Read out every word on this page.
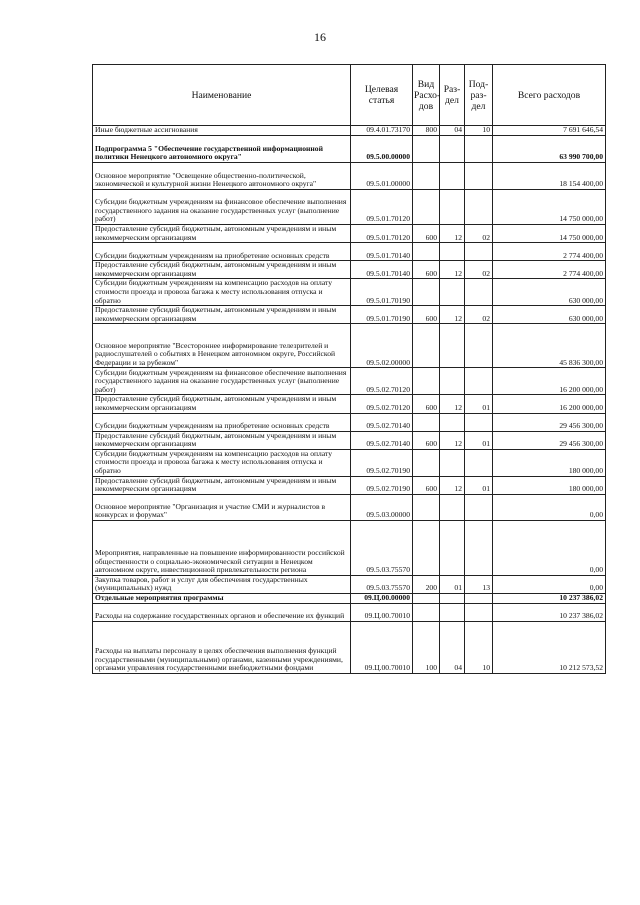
16
Наименование	Целевая статья	Вид Расхо- дов	Раз- дел	Под- раз- дел	Всего расходов
Иные бюджетные ассигнования	09.4.01.73170	800	04	10	7 691 646,54
Подпрограмма 5 "Обеспечение государственной информационной политики Ненецкого автономного округа"	09.5.00.00000				63 990 700,00
Основное мероприятие "Освещение общественно-политической, экономической и культурной жизни Ненецкого автономного округа"	09.5.01.00000				18 154 400,00
Субсидии бюджетным учреждениям на финансовое обеспечение выполнения государственного задания на оказание государственных услуг (выполнение работ)	09.5.01.70120				14 750 000,00
Предоставление субсидий бюджетным, автономным учреждениям и иным некоммерческим организациям	09.5.01.70120	600	12	02	14 750 000,00
Субсидии бюджетным учреждениям на приобретение основных средств	09.5.01.70140				2 774 400,00
Предоставление субсидий бюджетным, автономным учреждениям и иным некоммерческим организациям	09.5.01.70140	600	12	02	2 774 400,00
Субсидии бюджетным учреждениям на компенсацию расходов на оплату стоимости проезда и провоза багажа к месту использования отпуска и обратно	09.5.01.70190				630 000,00
Предоставление субсидий бюджетным, автономным учреждениям и иным некоммерческим организациям	09.5.01.70190	600	12	02	630 000,00
Основное мероприятие "Всестороннее информирование телезрителей и радиослушателей о событиях в Ненецком автономном округе, Российской Федерации и за рубежом"	09.5.02.00000				45 836 300,00
Субсидии бюджетным учреждениям на финансовое обеспечение выполнения государственного задания на оказание государственных услуг (выполнение работ)	09.5.02.70120				16 200 000,00
Предоставление субсидий бюджетным, автономным учреждениям и иным некоммерческим организациям	09.5.02.70120	600	12	01	16 200 000,00
Субсидии бюджетным учреждениям на приобретение основных средств	09.5.02.70140				29 456 300,00
Предоставление субсидий бюджетным, автономным учреждениям и иным некоммерческим организациям	09.5.02.70140	600	12	01	29 456 300,00
Субсидии бюджетным учреждениям на компенсацию расходов на оплату стоимости проезда и провоза багажа к месту использования отпуска и обратно	09.5.02.70190				180 000,00
Предоставление субсидий бюджетным, автономным учреждениям и иным некоммерческим организациям	09.5.02.70190	600	12	01	180 000,00
Основное мероприятие "Организация и участие СМИ и журналистов в конкурсах и форумах"	09.5.03.00000				0,00
Мероприятия, направленные на повышение информированности российской общественности о социально-экономической ситуации в Ненецком автономном округе, инвестиционной привлекательности региона	09.5.03.75570				0,00
Закупка товаров, работ и услуг для обеспечения государственных (муниципальных) нужд	09.5.03.75570	200	01	13	0,00
Отдельные мероприятия программы	09.Ц.00.00000				10 237 386,02
Расходы на содержание государственных органов и обеспечение их функций	09.Ц.00.70010				10 237 386,02
Расходы на выплаты персоналу в целях обеспечения выполнения функций государственными (муниципальными) органами, казенными учреждениями, органами управления государственными внебюджетными фондами	09.Ц.00.70010	100	04	10	10 212 573,52
